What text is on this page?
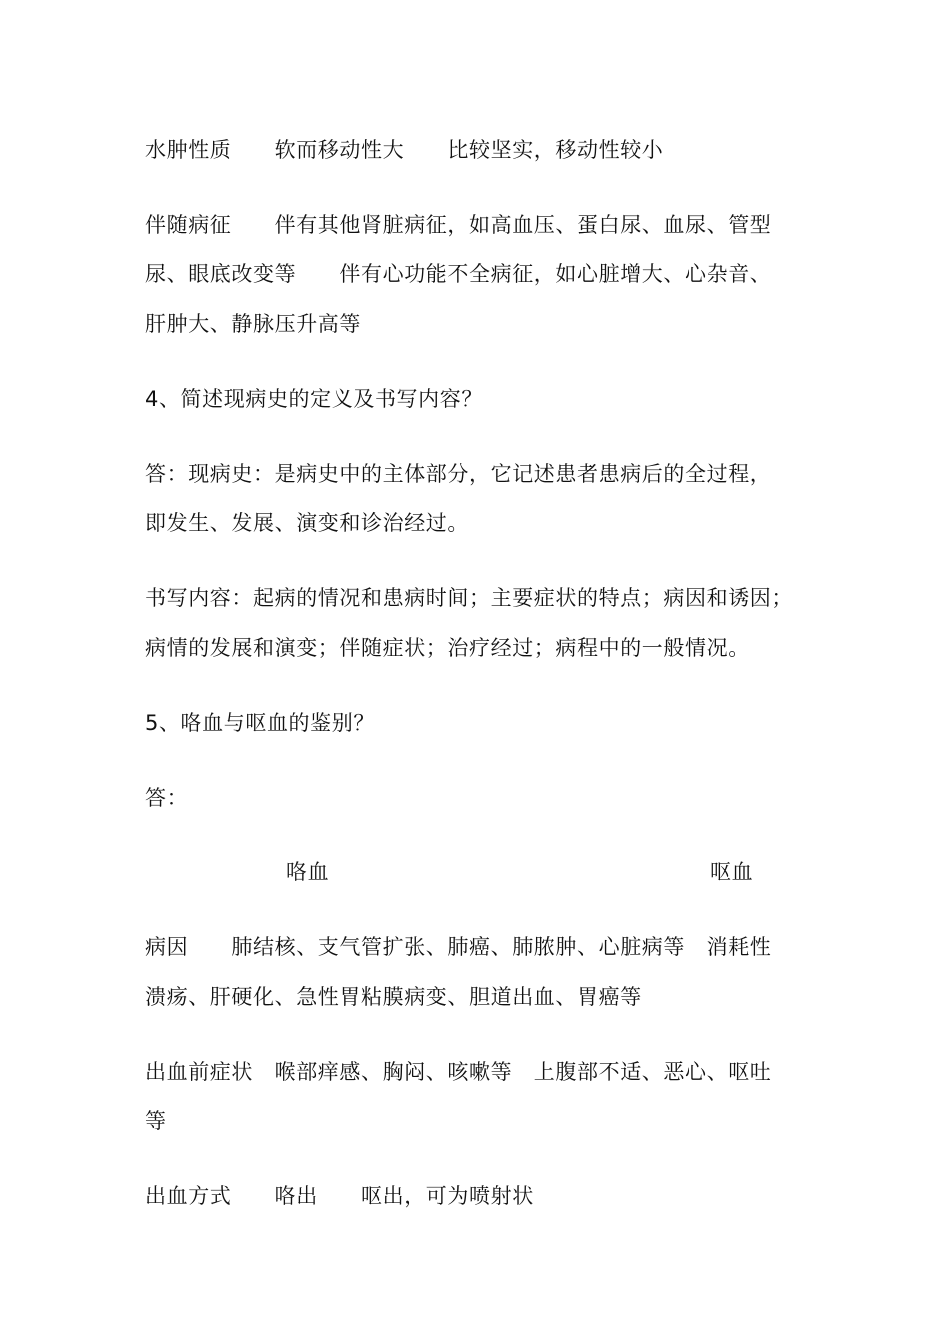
水肿性质　　软而移动性大　　比较坚实，移动性较小
伴随病征　　伴有其他肾脏病征，如高血压、蛋白尿、血尿、管型
尿、眼底改变等　　伴有心功能不全病征，如心脏增大、心杂音、
肝肿大、静脉压升高等
4、简述现病史的定义及书写内容？
答：现病史：是病史中的主体部分，它记述患者患病后的全过程，
即发生、发展、演变和诊治经过。
书写内容：起病的情况和患病时间；主要症状的特点；病因和诱因；
病情的发展和演变；伴随症状；治疗经过；病程中的一般情况。
5、咯血与呕血的鉴别？
答：
咯血	呕血
病因　　肺结核、支气管扩张、肺癌、肺脓肿、心脏病等　消耗性
溃疡、肝硬化、急性胃粘膜病变、胆道出血、胃癌等
出血前症状　喉部痒感、胸闷、咳嗽等　上腹部不适、恶心、呕吐
等
出血方式　　咯出　　呕出，可为喷射状
